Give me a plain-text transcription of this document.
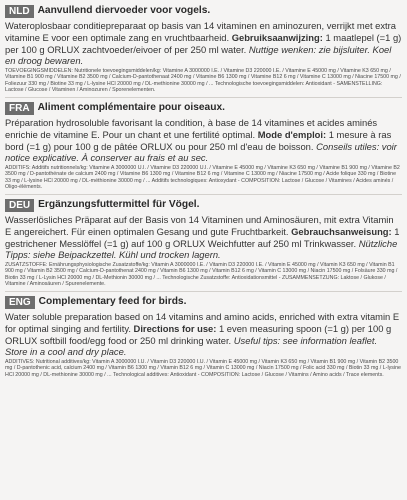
NLD Aanvullend diervoeder voor vogels.
Wateroplosbaar conditiepreparaat op basis van 14 vitaminen en aminozuren, verrijkt met extra vitamine E voor een optimale zang en vruchtbaarheid. Gebruiksaanwijzing: 1 maatlepel (=1 g) per 100 g ORLUX zachtvoeder/eivoer of per 250 ml water. Nuttige wenken: zie bijsluiter. Koel en droog bewaren.
TOEVOEGINGSMIDDELEN: Nutritionele toevoegingsmiddelen/kg: Vitamine A 3000000 I.E. / Vitamine D3 220000 I.E. / Vitamine E 45000 mg / Vitamine K3 650 mg / Vitamine B1 900 mg / Vitamine B2 3500 mg / Calcium-D-pantothenaat 2400 mg / Vitamine B6 1300 mg / Vitamine B12 6 mg / Vitamine C 13000 mg / Niacine 17500 mg / Foliezuur 330 mg / Biotine 33 mg / L-lysine HCl 20000 mg / DL-methionine 30000 mg / ... Technologische toevoegingsmiddelen: Antioxidant - SAMENSTELLING: Lactose / Glucose / Vitaminen / Aminozuren / Sporenelementen.
FRA Aliment complémentaire pour oiseaux.
Préparation hydrosoluble favorisant la condition, à base de 14 vitamines et acides aminés enrichie de vitamine E. Pour un chant et une fertilité optimal. Mode d'emploi: 1 mesure à ras bord (=1 g) pour 100 g de pâtée ORLUX ou pour 250 ml d'eau de boisson. Conseils utiles: voir notice explicative. À conserver au frais et au sec.
ADDITIFS: Additifs nutritionnels/kg: Vitamine A 3000000 U.I. / Vitamine D3 220000 U.I. / Vitamine E 45000 mg / Vitamine K3 650 mg / Vitamine B1 900 mg / Vitamine B2 3500 mg / D-pantothénate de calcium 2400 mg / Vitamine B6 1300 mg / Vitamine B12 6 mg / Vitamine C 13000 mg / Niacine 17500 mg / Acide folique 330 mg / Biotine 33 mg / L-lysine HCl 20000 mg / DL-méthionine 30000 mg / ... Additifs technologiques: Antioxydant - COMPOSITION: Lactose / Glucose / Vitamines / Acides aminés / Oligo-éléments.
DEU Ergänzungsfuttermittel für Vögel.
Wasserlösliches Präparat auf der Basis von 14 Vitaminen und Aminosäuren, mit extra Vitamin E angereichert. Für einen optimalen Gesang und gute Fruchtbarkeit. Gebrauchsanweisung: 1 gestrichener Messlöffel (=1 g) auf 100 g ORLUX Weichfutter auf 250 ml Trinkwasser. Nützliche Tipps: siehe Beipackzettel. Kühl und trocken lagern.
ZUSATZSTOFFE: Ernährungsphysiologische Zusatzstoffe/kg: Vitamin A 3000000 I.E. / Vitamin D3 220000 I.E. / Vitamin E 45000 mg / Vitamin K3 650 mg / Vitamin B1 900 mg / Vitamin B2 3500 mg / Calcium-D-pantothenat 2400 mg / Vitamin B6 1300 mg / Vitamin B12 6 mg / Vitamin C 13000 mg / Niacin 17500 mg / Folsäure 330 mg / Biotin 33 mg / L-Lysin HCl 20000 mg / DL-Methionin 30000 mg / ... Technologische Zusatzstoffe: Antioxidationsmittel - ZUSAMMENSETZUNG: Laktose / Glukose / Vitamine / Aminosäuren / Spurenelemente.
ENG Complementary feed for birds.
Water soluble preparation based on 14 vitamins and amino acids, enriched with extra vitamin E for optimal singing and fertility. Directions for use: 1 even measuring spoon (=1 g) per 100 g ORLUX softbill food/egg food or 250 ml drinking water. Useful tips: see information leaflet. Store in a cool and dry place.
ADDITIVES: Nutritional additives/kg: Vitamin A 3000000 I.U. / Vitamin D3 220000 I.U. / Vitamin E 45000 mg / Vitamin K3 650 mg / Vitamin B1 900 mg / Vitamin B2 3500 mg / D-pantothenic acid, calcium 2400 mg / Vitamin B6 1300 mg / Vitamin B12 6 mg / Vitamin C 13000 mg / Niacin 17500 mg / Folic acid 330 mg / Biotin 33 mg / L-lysine HCl 20000 mg / DL-methionine 30000 mg / ... Technological additives: Antioxidant - COMPOSITION: Lactose / Glucose / Vitamins / Amino acids / Trace elements.
